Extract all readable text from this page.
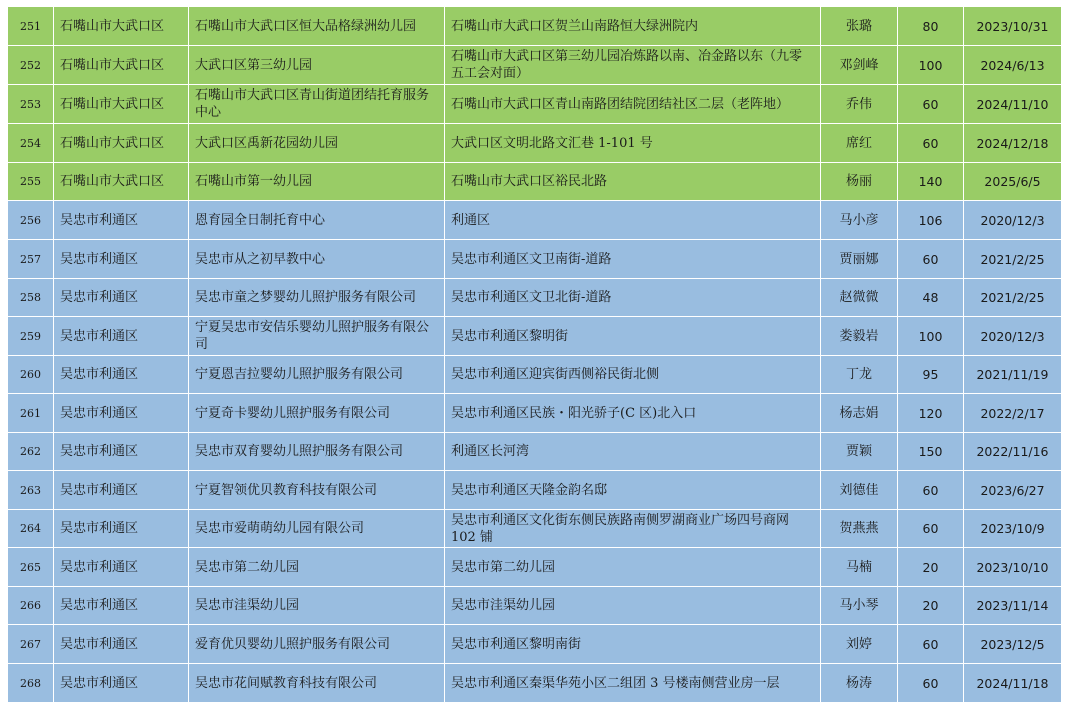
251	石嘴山市大武口区	石嘴山市大武口区恒大品格绿洲幼儿园	石嘴山市大武口区贺兰山南路恒大绿洲院内	张璐	80	2023/10/31
252	石嘴山市大武口区	大武口区第三幼儿园	石嘴山市大武口区第三幼儿园冶炼路以南、冶金路以东（九零五工会对面）	邓剑峰	100	2024/6/13
253	石嘴山市大武口区	石嘴山市大武口区青山街道团结托育服务中心	石嘴山市大武口区青山南路团结院团结社区二层（老阵地）	乔伟	60	2024/11/10
254	石嘴山市大武口区	大武口区禹新花园幼儿园	大武口区文明北路文汇巷 1-101 号	席红	60	2024/12/18
255	石嘴山市大武口区	石嘴山市第一幼儿园	石嘴山市大武口区裕民北路	杨丽	140	2025/6/5
256	吴忠市利通区	恩育园全日制托育中心	利通区	马小彦	106	2020/12/3
257	吴忠市利通区	吴忠市从之初早教中心	吴忠市利通区文卫南街-道路	贾丽娜	60	2021/2/25
258	吴忠市利通区	吴忠市童之梦婴幼儿照护服务有限公司	吴忠市利通区文卫北街-道路	赵微微	48	2021/2/25
259	吴忠市利通区	宁夏吴忠市安佶乐婴幼儿照护服务有限公司	吴忠市利通区黎明街	娄毅岩	100	2020/12/3
260	吴忠市利通区	宁夏恩吉拉婴幼儿照护服务有限公司	吴忠市利通区迎宾街西侧裕民街北侧	丁龙	95	2021/11/19
261	吴忠市利通区	宁夏奇卡婴幼儿照护服务有限公司	吴忠市利通区民族・阳光骄子(C 区)北入口	杨志娟	120	2022/2/17
262	吴忠市利通区	吴忠市双育婴幼儿照护服务有限公司	利通区长河湾	贾颖	150	2022/11/16
263	吴忠市利通区	宁夏智领优贝教育科技有限公司	吴忠市利通区天隆金韵名邸	刘德佳	60	2023/6/27
264	吴忠市利通区	吴忠市爱萌萌幼儿园有限公司	吴忠市利通区文化街东侧民族路南侧罗湖商业广场四号商网 102 铺	贺燕燕	60	2023/10/9
265	吴忠市利通区	吴忠市第二幼儿园	吴忠市第二幼儿园	马楠	20	2023/10/10
266	吴忠市利通区	吴忠市洼渠幼儿园	吴忠市洼渠幼儿园	马小琴	20	2023/11/14
267	吴忠市利通区	爱育优贝婴幼儿照护服务有限公司	吴忠市利通区黎明南街	刘婷	60	2023/12/5
268	吴忠市利通区	吴忠市花间赋教育科技有限公司	吴忠市利通区秦渠华苑小区二组团 3 号楼南侧营业房一层	杨涛	60	2024/11/18
